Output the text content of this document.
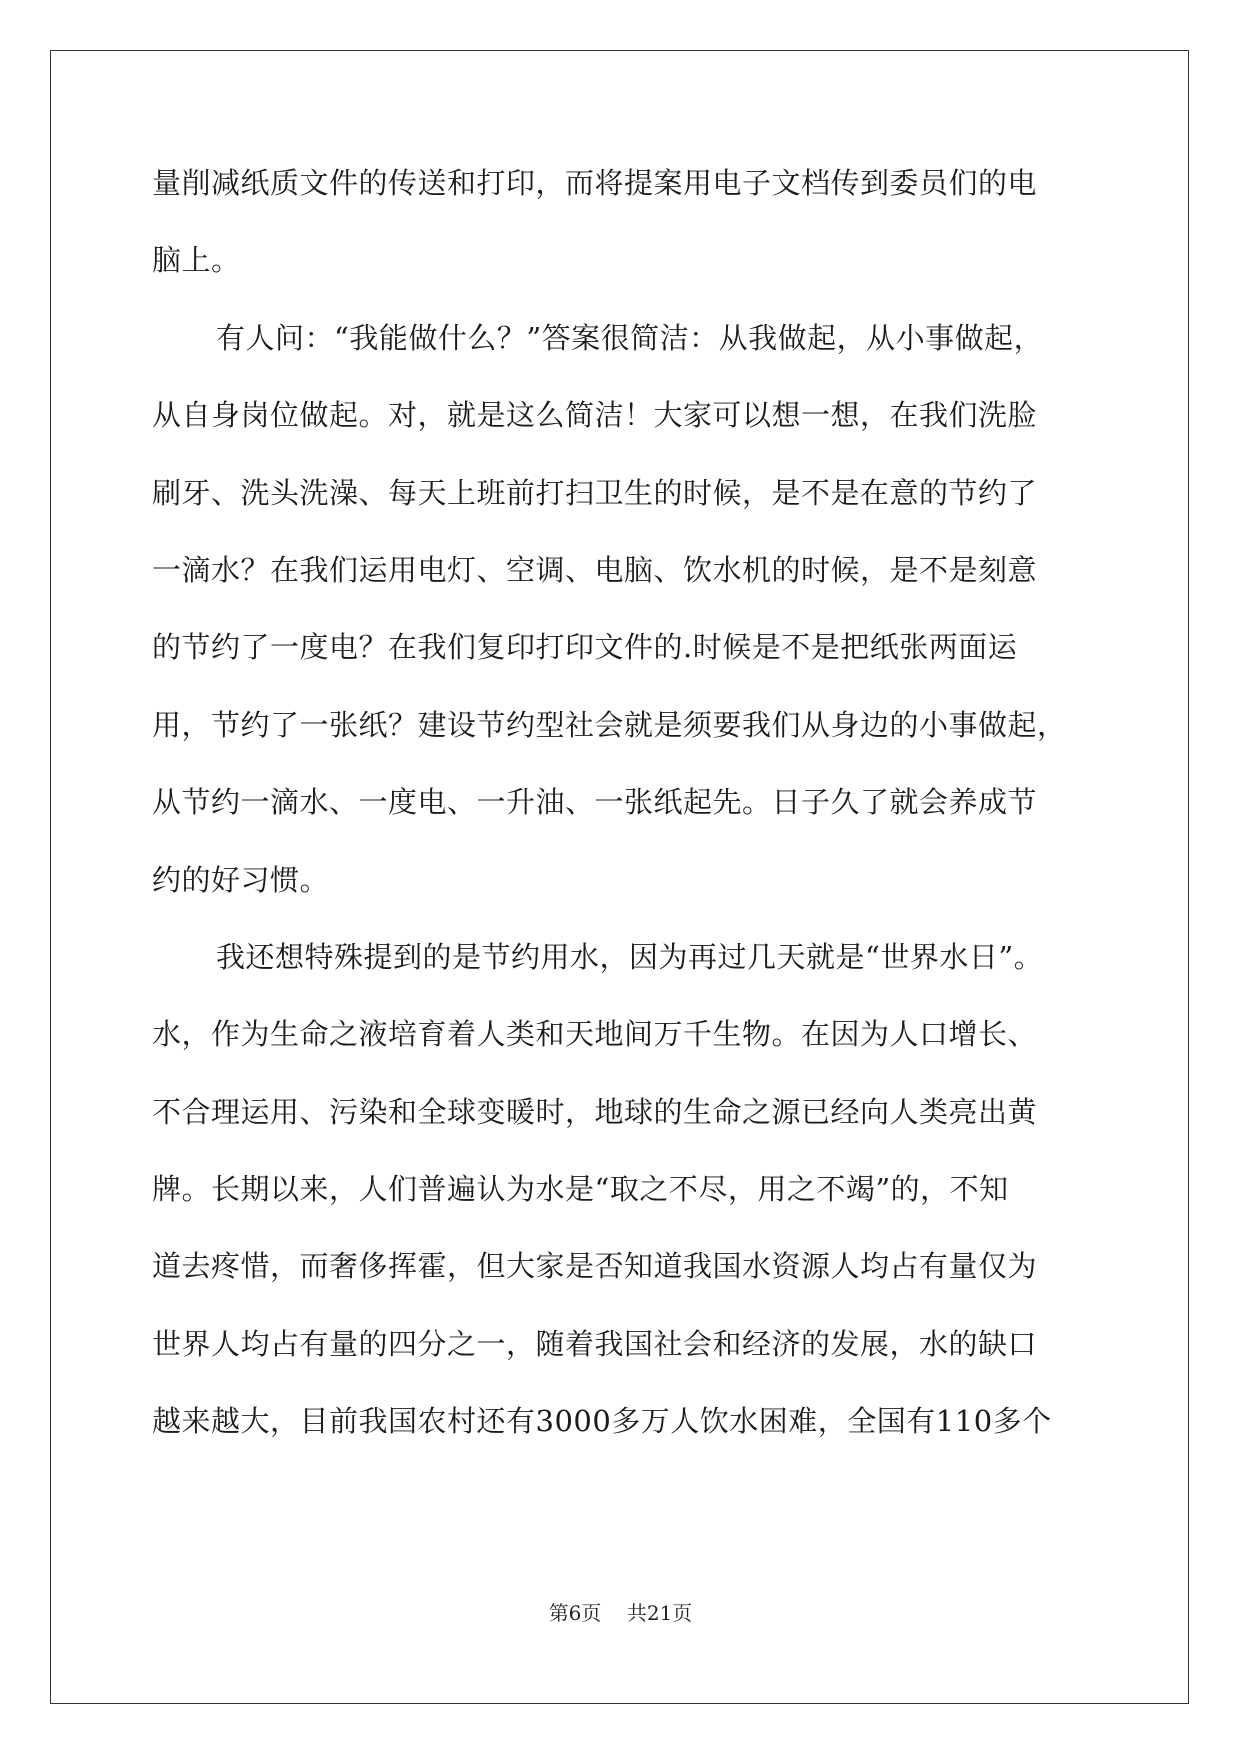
量削减纸质文件的传送和打印，而将提案用电子文档传到委员们的电
脑上。
有人问：“我能做什么？”答案很简洁：从我做起，从小事做起，
从自身岗位做起。对，就是这么简洁！大家可以想一想，在我们洗脸
刷牙、洗头洗澡、每天上班前打扫卫生的时候，是不是在意的节约了
一滴水？在我们运用电灯、空调、电脑、饮水机的时候，是不是刻意
的节约了一度电？在我们复印打印文件的.时候是不是把纸张两面运
用，节约了一张纸？建设节约型社会就是须要我们从身边的小事做起，
从节约一滴水、一度电、一升油、一张纸起先。日子久了就会养成节
约的好习惯。
我还想特殊提到的是节约用水，因为再过几天就是“世界水日”。
水，作为生命之液培育着人类和天地间万千生物。在因为人口增长、
不合理运用、污染和全球变暖时，地球的生命之源已经向人类亮出黄
牌。长期以来，人们普遍认为水是“取之不尽，用之不竭”的，不知
道去疼惜，而奢侈挥霍，但大家是否知道我国水资源人均占有量仅为
世界人均占有量的四分之一，随着我国社会和经济的发展，水的缺口
越来越大，目前我国农村还有3000多万人饮水困难，全国有110多个
第6页 共21页
